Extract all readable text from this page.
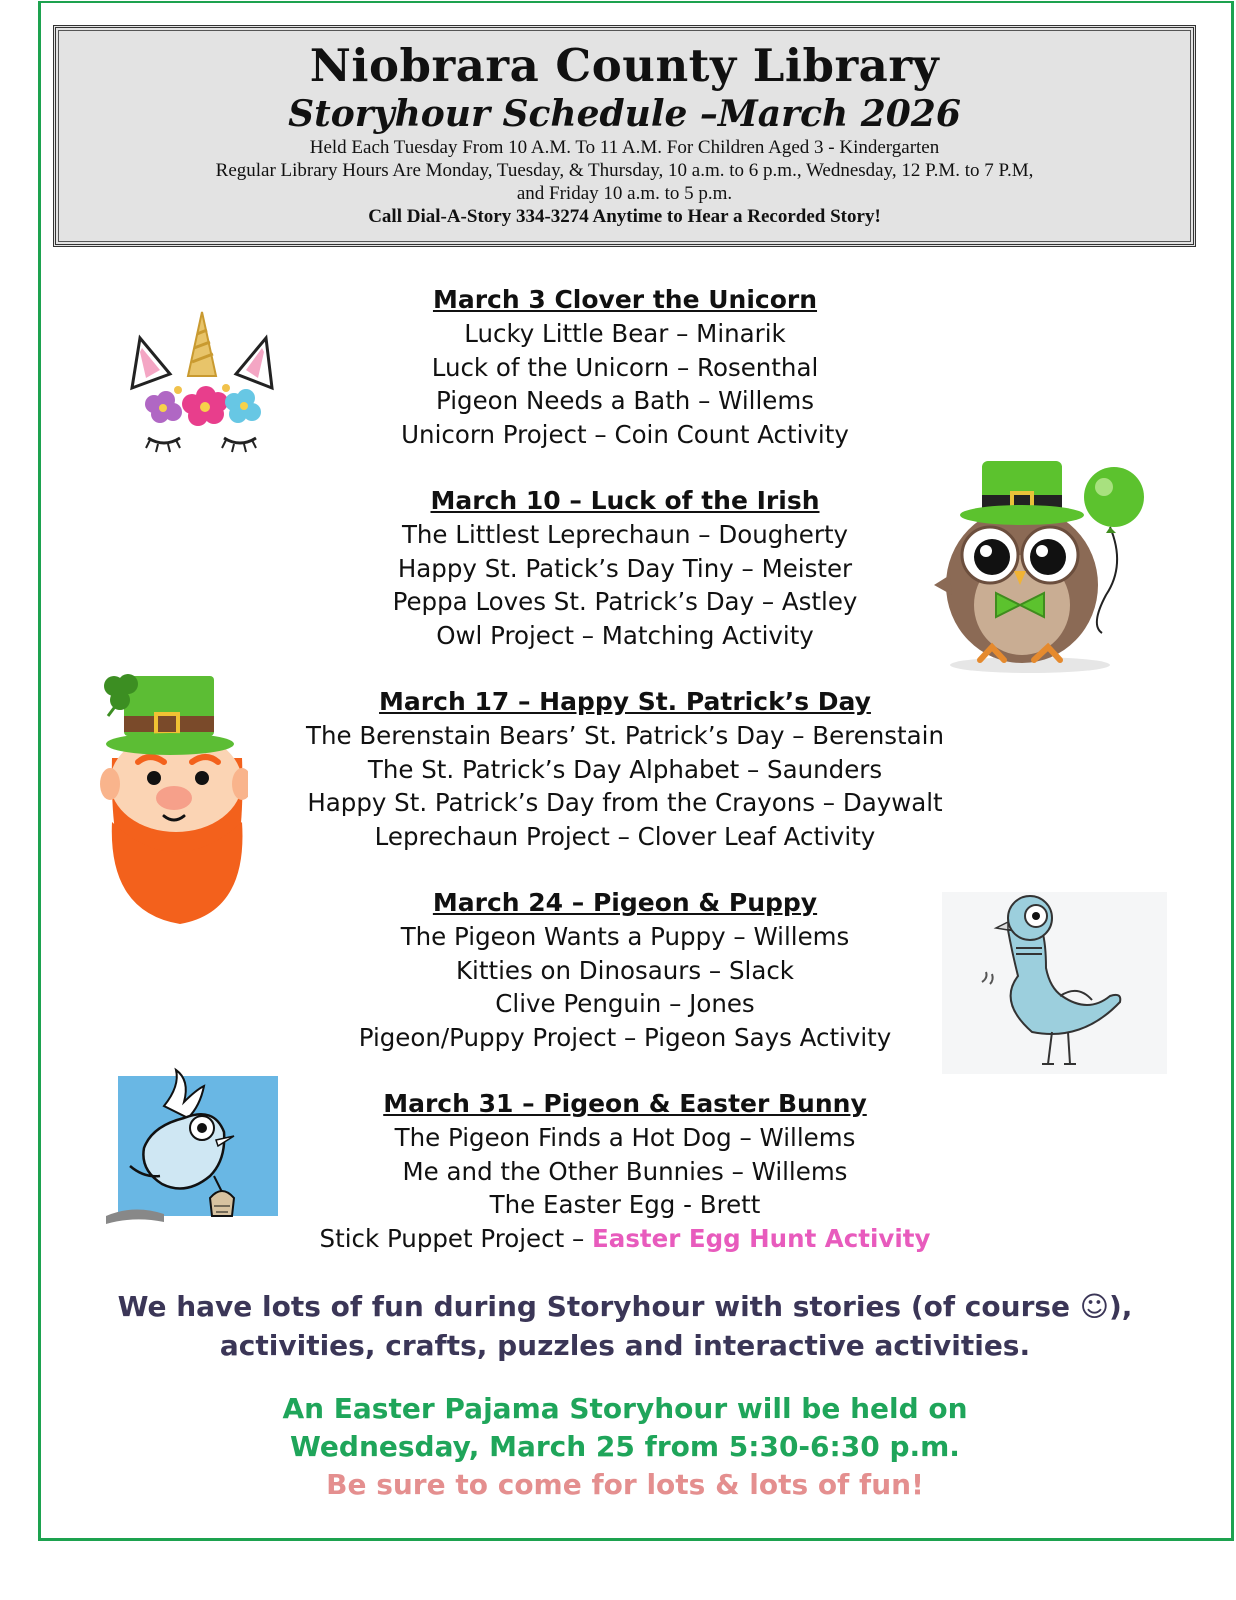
Niobrara County Library
Storyhour Schedule –March 2026
Held Each Tuesday From 10 A.M. To 11 A.M. For Children Aged 3 - Kindergarten
Regular Library Hours Are Monday, Tuesday, & Thursday, 10 a.m. to 6 p.m., Wednesday, 12 P.M. to 7 P.M,
and Friday 10 a.m. to 5 p.m.
Call Dial-A-Story 334-3274 Anytime to Hear a Recorded Story!
March 3 Clover the Unicorn
Lucky Little Bear – Minarik
Luck of the Unicorn – Rosenthal
Pigeon Needs a Bath – Willems
Unicorn Project – Coin Count Activity
March 10 – Luck of the Irish
The Littlest Leprechaun – Dougherty
Happy St. Patick’s Day Tiny – Meister
Peppa Loves St. Patrick’s Day – Astley
Owl Project – Matching Activity
March 17 – Happy St. Patrick’s Day
The Berenstain Bears’ St. Patrick’s Day – Berenstain
The St. Patrick’s Day Alphabet – Saunders
Happy St. Patrick’s Day from the Crayons – Daywalt
Leprechaun Project – Clover Leaf Activity
March 24 – Pigeon & Puppy
The Pigeon Wants a Puppy – Willems
Kitties on Dinosaurs – Slack
Clive Penguin – Jones
Pigeon/Puppy Project – Pigeon Says Activity
March 31 – Pigeon & Easter Bunny
The Pigeon Finds a Hot Dog – Willems
Me and the Other Bunnies – Willems
The Easter Egg - Brett
Stick Puppet Project – Easter Egg Hunt Activity
We have lots of fun during Storyhour with stories (of course ☺),
activities, crafts, puzzles and interactive activities.
An Easter Pajama Storyhour will be held on
Wednesday, March 25 from 5:30-6:30 p.m.
Be sure to come for lots & lots of fun!
